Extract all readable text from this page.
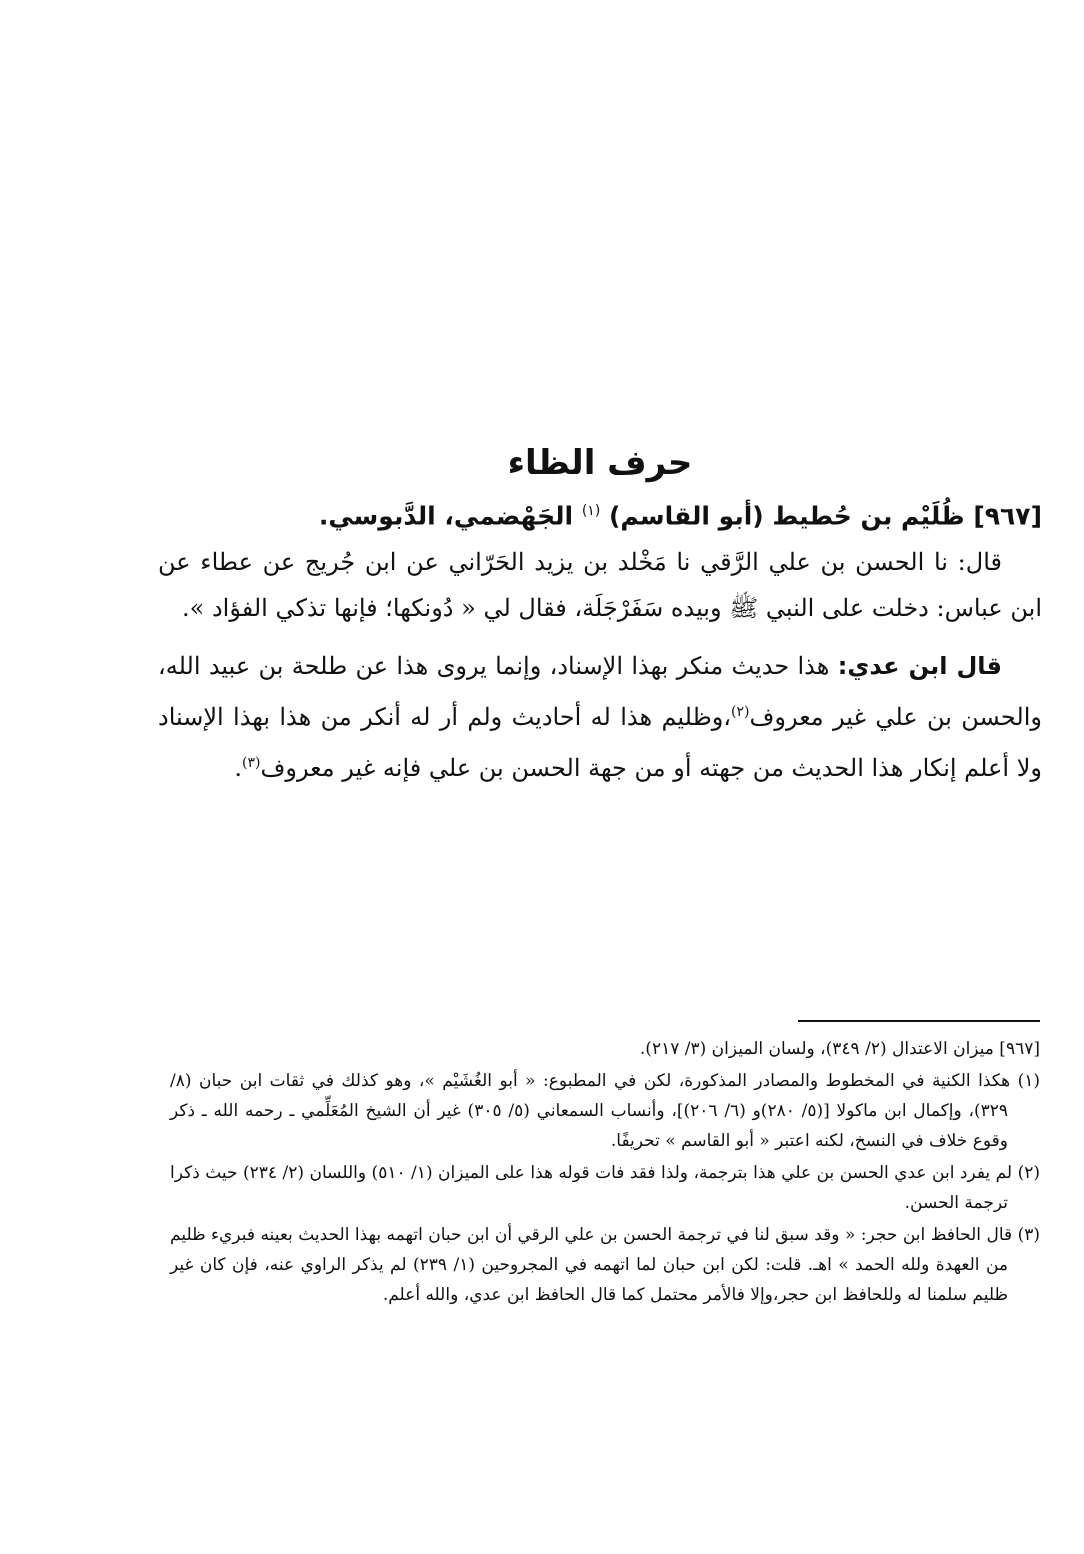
حرف الظاء

[٩٦٧] ظُلَيْم بن حُطيط (أبو القاسم) $^{(١)}$ الجَهْضمي، الدَّبوسي.

قال: نا الحسن بن علي الرَّقي نا مَخْلد بن يزيد الحَرّاني عن ابن جُريج عن عطاء عن ابن عباس: دخلت على النبي ﷺ وبيده سَفَرْجَلَة، فقال لي « دُونكها؛ فإنها تذكي الفؤاد ».

قال ابن عدي: هذا حديث منكر بهذا الإسناد، وإنما يروى هذا عن طلحة بن عبيد الله، والحسن بن علي غير معروف$^{(٢)}$،وظليم هذا له أحاديث ولم أر له أنكر من هذا بهذا الإسناد ولا أعلم إنكار هذا الحديث من جهته أو من جهة الحسن بن علي فإنه غير معروف$^{(٣)}$.

[٩٦٧] ميزان الاعتدال (٢/ ٣٤٩)، ولسان الميزان (٣/ ٢١٧).

(١) هكذا الكنية في المخطوط والمصادر المذكورة، لكن في المطبوع: « أبو الغُشَيْم »، وهو كذلك في ثقات ابن حبان (٨/ ٣٢٩)، وإكمال ابن ماكولا [(٥/ ٢٨٠)و (٦/ ٢٠٦)]، وأنساب السمعاني (٥/ ٣٠٥) غير أن الشيخ المُعَلِّمي ـ رحمه الله ـ ذكر وقوع خلاف في النسخ، لكنه اعتبر « أبو القاسم » تحريفًا.

(٢) لم يفرد ابن عدي الحسن بن علي هذا بترجمة، ولذا فقد فات قوله هذا على الميزان (١/ ٥١٠) واللسان (٢/ ٢٣٤) حيث ذكرا ترجمة الحسن.

(٣) قال الحافظ ابن حجر: « وقد سبق لنا في ترجمة الحسن بن علي الرقي أن ابن حبان اتهمه بهذا الحديث بعينه فبريء ظليم من العهدة ولله الحمد » اهـ. قلت: لكن ابن حبان لما اتهمه في المجروحين (١/ ٢٣٩) لم يذكر الراوي عنه، فإن كان غير ظليم سلمنا له وللحافظ ابن حجر،وإلا فالأمر محتمل كما قال الحافظ ابن عدي، والله أعلم.
